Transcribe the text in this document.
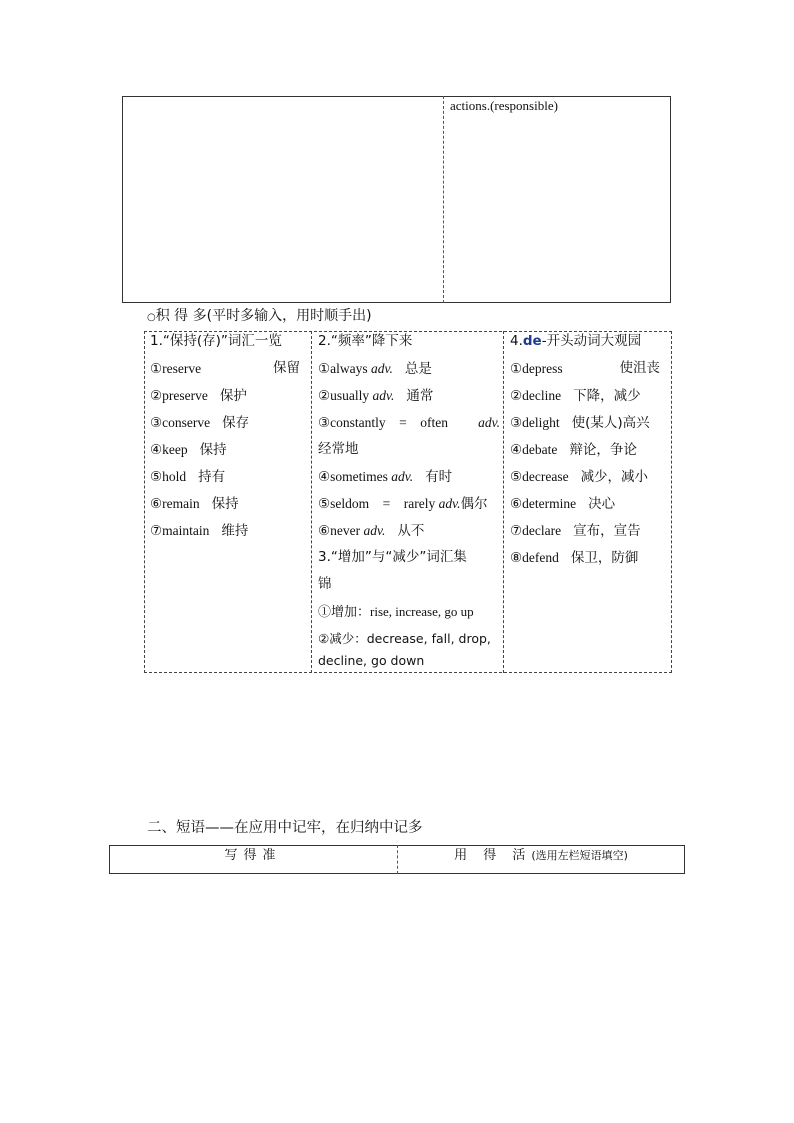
actions.(responsible)
○积 得 多(平时多输入，用时顺手出)
1.“保持(存)”词汇一览
①reserve	保留
②preserve 保护
③conserve 保存
④keep 保持
⑤hold 持有
⑥remain 保持
⑦maintain 维持
2.“频率”降下来
①always adv. 总是
②usually adv. 通常
③constantly　=　often adv.
经常地
④sometimes adv. 有时
⑤seldom　=　rarely adv.偶尔
⑥never adv. 从不
3.“增加”与“减少”词汇集
锦
①增加：rise, increase, go up
②减少：decrease, fall, drop,
decline, go down
4.de-开头动词大观园
①depress	使沮丧
②decline 下降，减少
③delight 使(某人)高兴
④debate 辩论，争论
⑤decrease 减少，减小
⑥determine 决心
⑦declare 宣布，宣告
⑧defend 保卫，防御
二、短语——在应用中记牢，在归纳中记多
写得准	用 得 活(选用左栏短语填空)
